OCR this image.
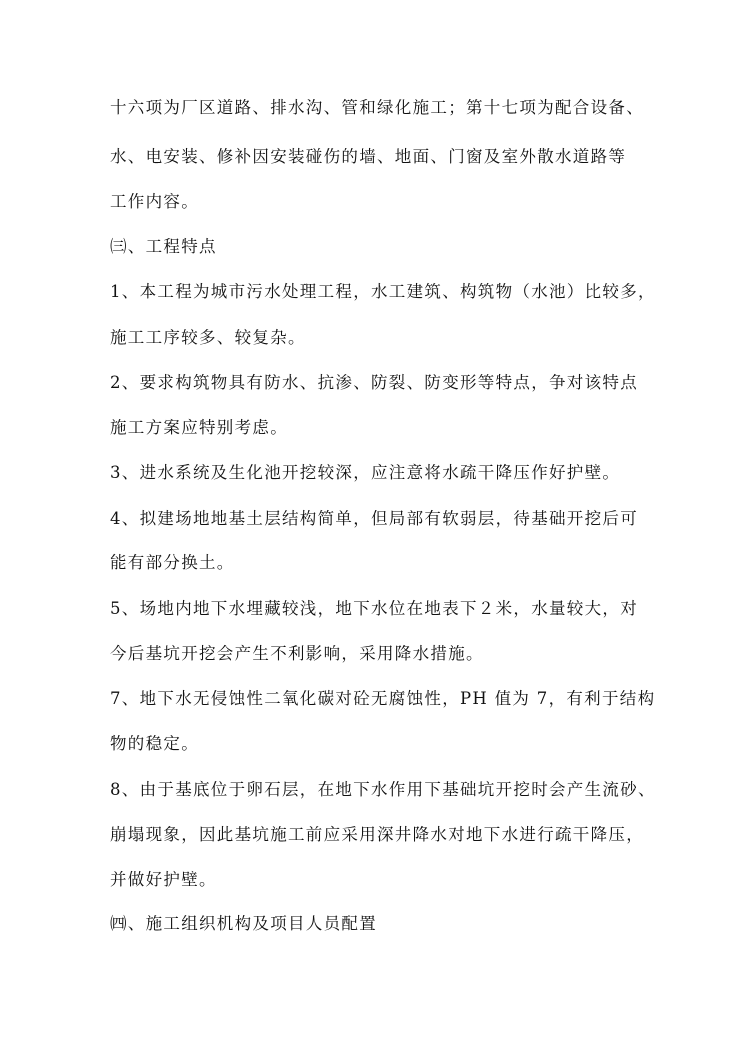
十六项为厂区道路、排水沟、管和绿化施工；第十七项为配合设备、
水、电安装、修补因安装碰伤的墙、地面、门窗及室外散水道路等
工作内容。
㈢、工程特点
1、本工程为城市污水处理工程，水工建筑、构筑物（水池）比较多，
施工工序较多、较复杂。
2、要求构筑物具有防水、抗渗、防裂、防变形等特点，争对该特点
施工方案应特别考虑。
3、进水系统及生化池开挖较深，应注意将水疏干降压作好护壁。
4、拟建场地地基土层结构简单，但局部有软弱层，待基础开挖后可
能有部分换土。
5、场地内地下水埋藏较浅，地下水位在地表下２米，水量较大，对
今后基坑开挖会产生不利影响，采用降水措施。
7、地下水无侵蚀性二氧化碳对砼无腐蚀性，PH 值为 7，有利于结构
物的稳定。
8、由于基底位于卵石层，在地下水作用下基础坑开挖时会产生流砂、
崩塌现象，因此基坑施工前应采用深井降水对地下水进行疏干降压，
并做好护壁。
㈣、施工组织机构及项目人员配置
